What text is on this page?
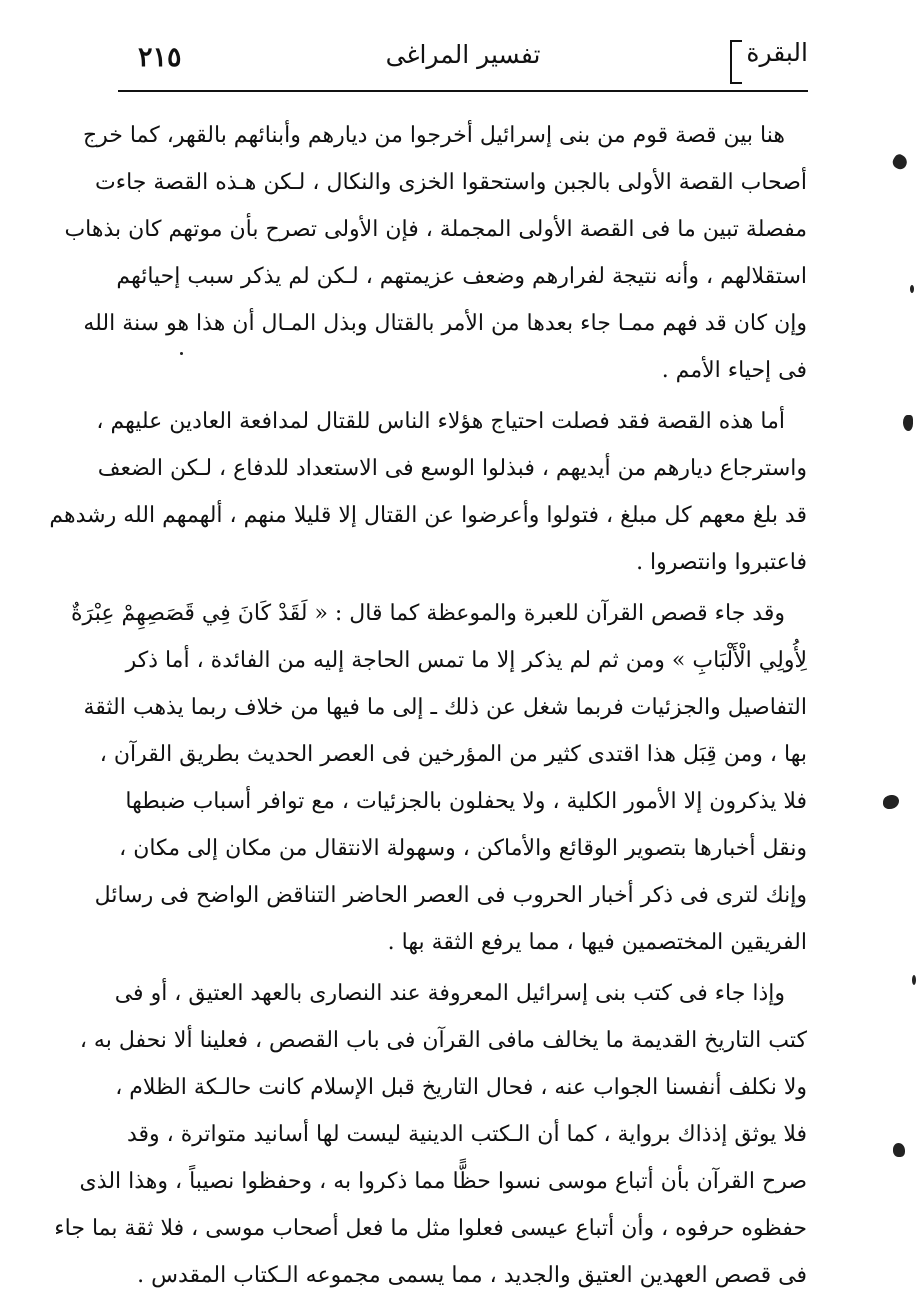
٢١٥	تفسير المراغى	البقرة
هنا بين قصة قوم من بنى إسرائيل أخرجوا من ديارهم وأبنائهم بالقهر، كما خرج
أصحاب القصة الأولى بالجبن واستحقوا الخزى والنكال ، لـكن هـذه القصة جاءت
مفصلة تبين ما فى القصة الأولى المجملة ، فإن الأولى تصرح بأن موتهم كان بذهاب
استقلالهم ، وأنه نتيجة لفرارهم وضعف عزيمتهم ، لـكن لم يذكر سبب إحيائهم
وإن كان قد فهم ممـا جاء بعدها من الأمر بالقتال وبذل المـال أن هذا هو سنة الله
فى إحياء الأمم .
أما هذه القصة فقد فصلت احتياج هؤلاء الناس للقتال لمدافعة العادين عليهم ،
واسترجاع ديارهم من أيديهم ، فبذلوا الوسع فى الاستعداد للدفاع ، لـكن الضعف
قد بلغ معهم كل مبلغ ، فتولوا وأعرضوا عن القتال إلا قليلا منهم ، ألهمهم الله رشدهم
فاعتبروا وانتصروا .
وقد جاء قصص القرآن للعبرة والموعظة كما قال : « لَقَدْ كَانَ فِي قَصَصِهِمْ عِبْرَةٌ
لِأُولِي الْأَلْبَابِ » ومن ثم لم يذكر إلا ما تمس الحاجة إليه من الفائدة ، أما ذكر
التفاصيل والجزئيات فربما شغل عن ذلك ـ إلى ما فيها من خلاف ربما يذهب الثقة
بها ، ومن قِبَل هذا اقتدى كثير من المؤرخين فى العصر الحديث بطريق القرآن ،
فلا يذكرون إلا الأمور الكلية ، ولا يحفلون بالجزئيات ، مع توافر أسباب ضبطها
ونقل أخبارها بتصوير الوقائع والأماكن ، وسهولة الانتقال من مكان إلى مكان ،
وإنك لترى فى ذكر أخبار الحروب فى العصر الحاضر التناقض الواضح فى رسائل
الفريقين المختصمين فيها ، مما يرفع الثقة بها .
وإذا جاء فى كتب بنى إسرائيل المعروفة عند النصارى بالعهد العتيق ، أو فى
كتب التاريخ القديمة ما يخالف مافى القرآن فى باب القصص ، فعلينا ألا نحفل به ،
ولا نكلف أنفسنا الجواب عنه ، فحال التاريخ قبل الإسلام كانت حالـكة الظلام ،
فلا يوثق إذذاك برواية ، كما أن الـكتب الدينية ليست لها أسانيد متواترة ، وقد
صرح القرآن بأن أتباع موسى نسوا حظًّا مما ذكروا به ، وحفظوا نصيباً ، وهذا الذى
حفظوه حرفوه ، وأن أتباع عيسى فعلوا مثل ما فعل أصحاب موسى ، فلا ثقة بما جاء
فى قصص العهدين العتيق والجديد ، مما يسمى مجموعه الـكتاب المقدس .
